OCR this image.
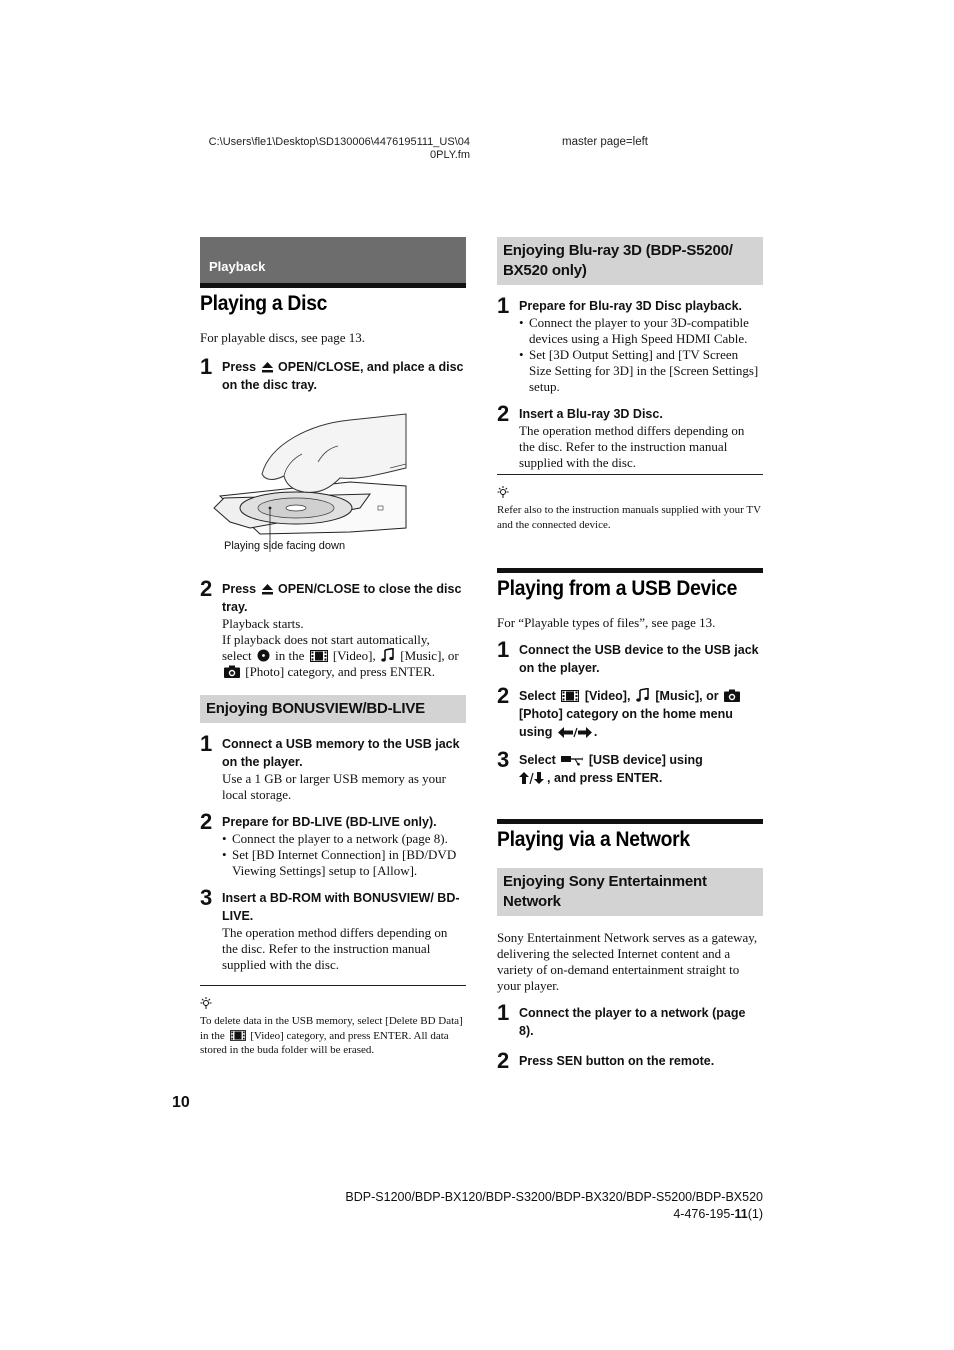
C:\Users\fle1\Desktop\SD130006\4476195111_US\04
0PLY.fm
master page=left
Playback
Playing a Disc
For playable discs, see page 13.
1 Press OPEN/CLOSE, and place a disc on the disc tray.
Playing side facing down
2 Press OPEN/CLOSE to close the disc tray.
Playback starts.
If playback does not start automatically,
select in the [Video], [Music], or
[Photo] category, and press ENTER.
Enjoying BONUSVIEW/BD-LIVE
1 Connect a USB memory to the USB jack on the player.
Use a 1 GB or larger USB memory as your local storage.
2 Prepare for BD-LIVE (BD-LIVE only).
• Connect the player to a network (page 8).
• Set [BD Internet Connection] in [BD/DVD Viewing Settings] setup to [Allow].
3 Insert a BD-ROM with BONUSVIEW/ BD-LIVE.
The operation method differs depending on the disc. Refer to the instruction manual supplied with the disc.
To delete data in the USB memory, select [Delete BD Data] in the [Video] category, and press ENTER. All data stored in the buda folder will be erased.
Enjoying Blu-ray 3D (BDP-S5200/ BX520 only)
1 Prepare for Blu-ray 3D Disc playback.
• Connect the player to your 3D-compatible devices using a High Speed HDMI Cable.
• Set [3D Output Setting] and [TV Screen Size Setting for 3D] in the [Screen Settings] setup.
2 Insert a Blu-ray 3D Disc.
The operation method differs depending on the disc. Refer to the instruction manual supplied with the disc.
Refer also to the instruction manuals supplied with your TV and the connected device.
Playing from a USB Device
For “Playable types of files”, see page 13.
1 Connect the USB device to the USB jack on the player.
2 Select [Video], [Music], or  [Photo] category on the home menu using	.
3 Select	[USB device] using
, and press ENTER.
Playing via a Network
Enjoying Sony Entertainment Network
Sony Entertainment Network serves as a gateway, delivering the selected Internet content and a variety of on-demand entertainment straight to your player.
1 Connect the player to a network (page 8).
2 Press SEN button on the remote.
10
BDP-S1200/BDP-BX120/BDP-S3200/BDP-BX320/BDP-S5200/BDP-BX520
4-476-195-11(1)
